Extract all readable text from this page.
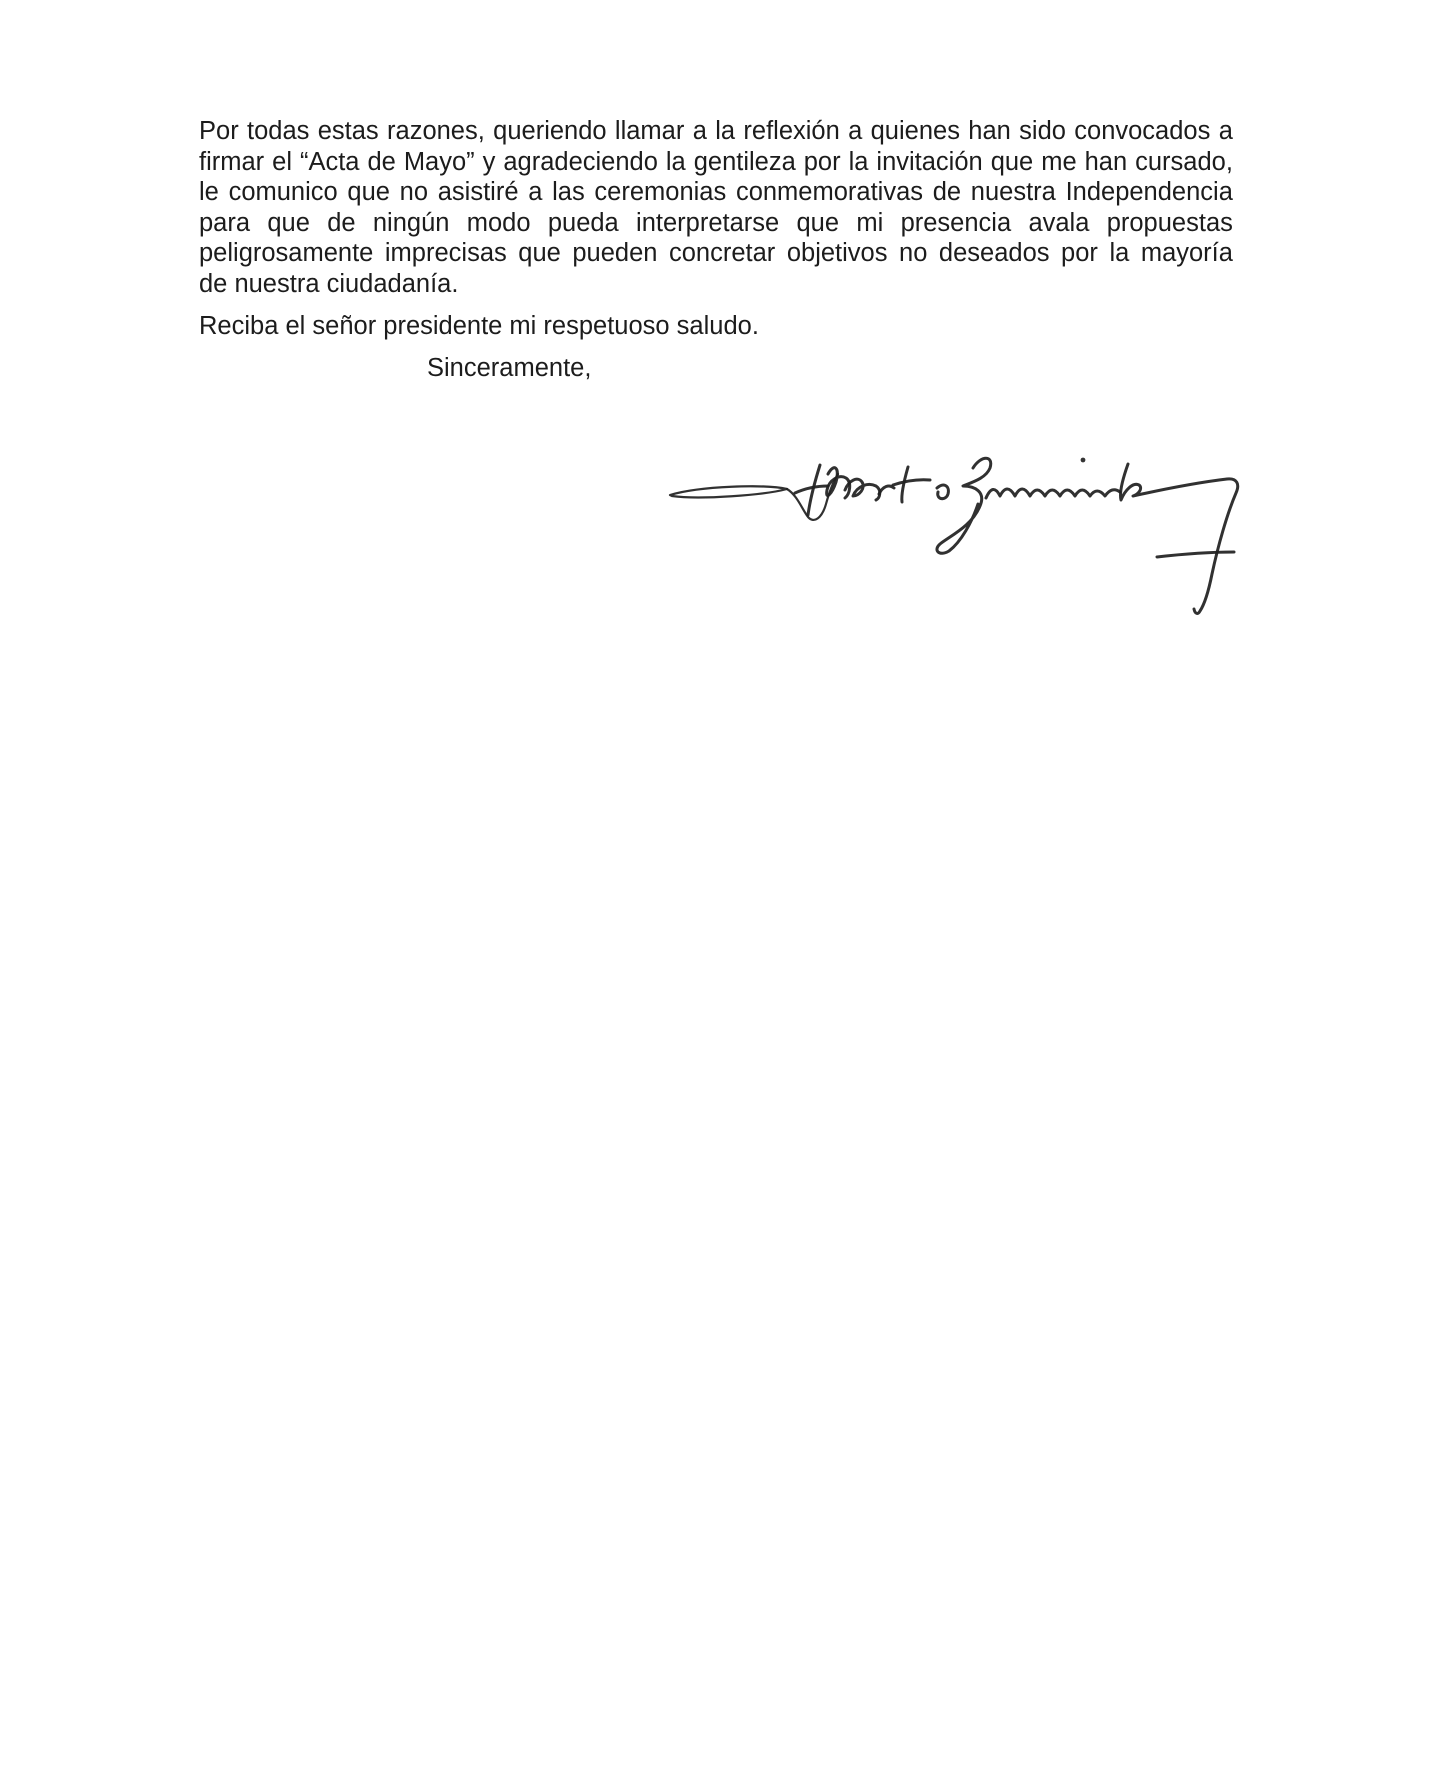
Por todas estas razones, queriendo llamar a la reflexión a quienes han sido convocados a
firmar el “Acta de Mayo” y agradeciendo la gentileza por la invitación que me han cursado,
le comunico que no asistiré a las ceremonias conmemorativas de nuestra Independencia
para que de ningún modo pueda interpretarse que mi presencia avala propuestas
peligrosamente imprecisas que pueden concretar objetivos no deseados por la mayoría
de nuestra ciudadanía.
Reciba el señor presidente mi respetuoso saludo.
Sinceramente,
